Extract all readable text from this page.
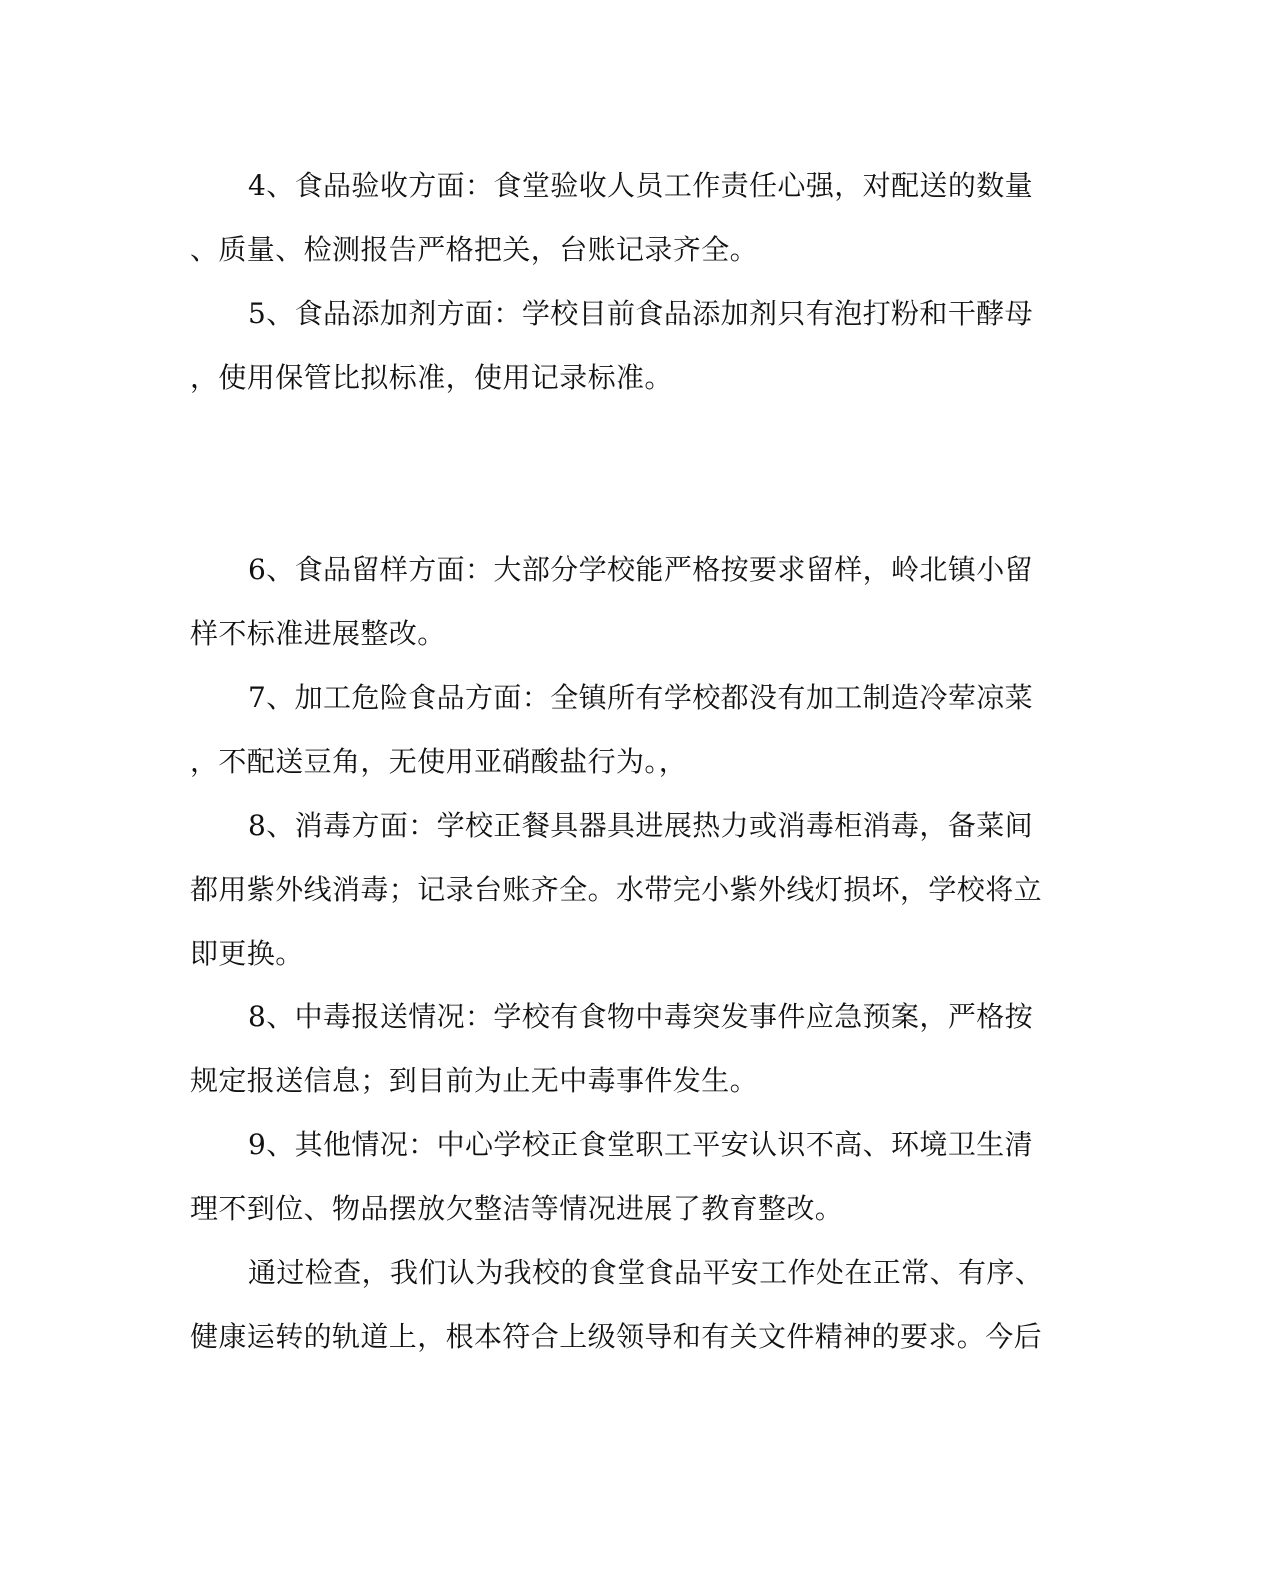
4、食品验收方面：食堂验收人员工作责任心强，对配送的数量

、质量、检测报告严格把关，台账记录齐全。

5、食品添加剂方面：学校目前食品添加剂只有泡打粉和干酵母

，使用保管比拟标准，使用记录标准。

6、食品留样方面：大部分学校能严格按要求留样，岭北镇小留

样不标准进展整改。

7、加工危险食品方面：全镇所有学校都没有加工制造冷荤凉菜

，不配送豆角，无使用亚硝酸盐行为。，

8、消毒方面：学校正餐具器具进展热力或消毒柜消毒，备菜间

都用紫外线消毒；记录台账齐全。水带完小紫外线灯损坏，学校将立

即更换。

8、中毒报送情况：学校有食物中毒突发事件应急预案，严格按

规定报送信息；到目前为止无中毒事件发生。

9、其他情况：中心学校正食堂职工平安认识不高、环境卫生清

理不到位、物品摆放欠整洁等情况进展了教育整改。

通过检查，我们认为我校的食堂食品平安工作处在正常、有序、

健康运转的轨道上，根本符合上级领导和有关文件精神的要求。今后
